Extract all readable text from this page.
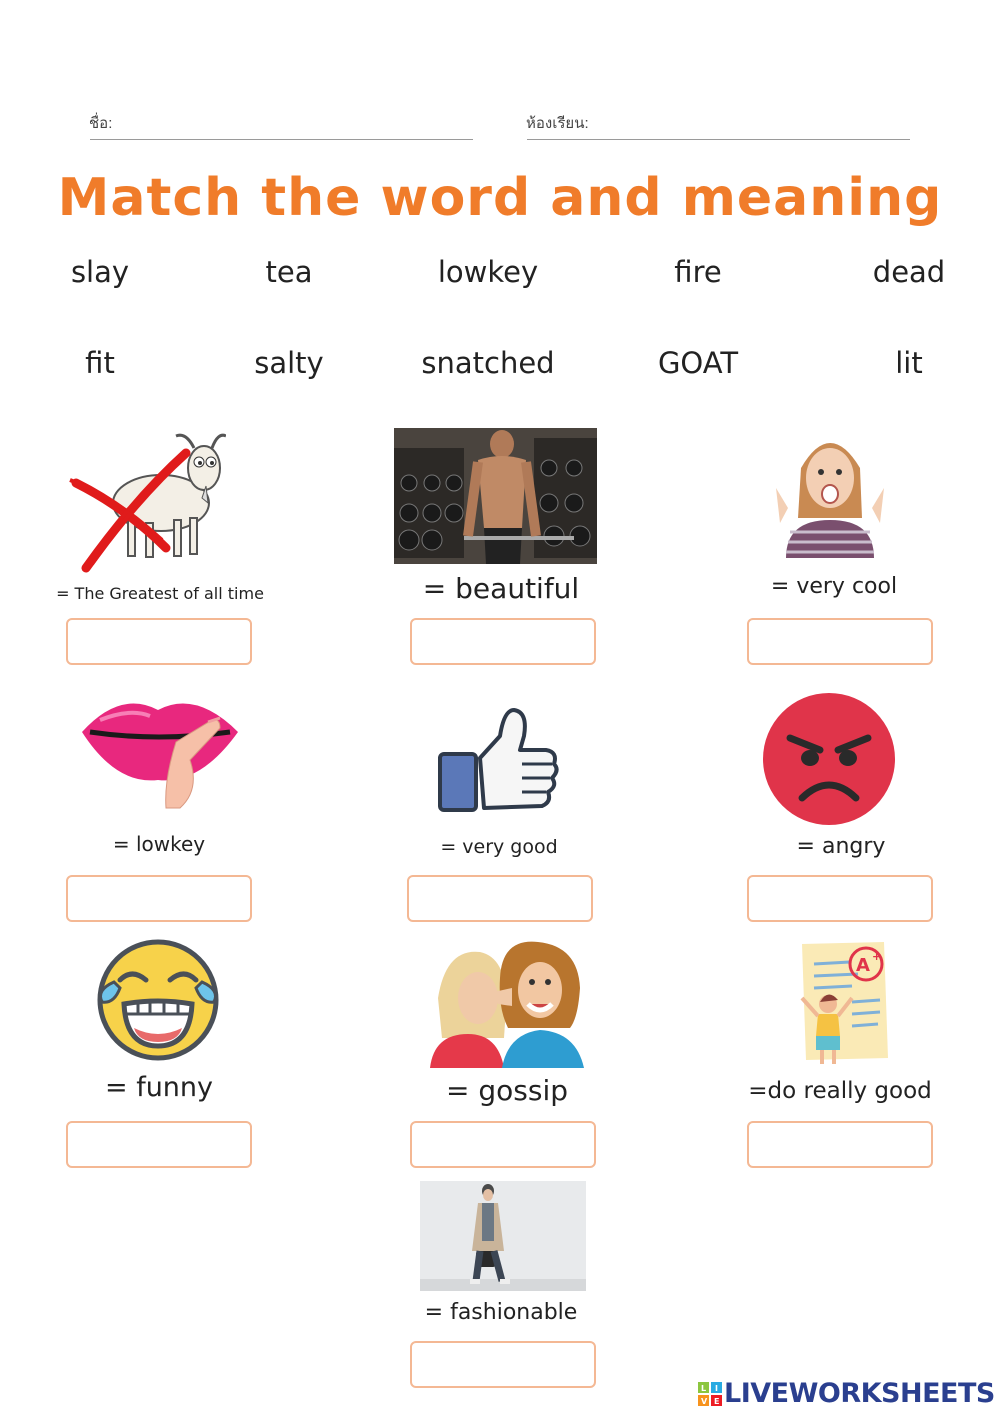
ชื่อ:	ห้องเรียน:
Match the word and meaning
slay	tea	lowkey	fire	dead
fit	salty	snatched	GOAT	lit
= The Greatest of all time	= beautiful	= very cool
= lowkey	= very good	= angry
= funny	= gossip
A +
=do really good
= fashionable
L I
V E LIVEWORKSHEETS
